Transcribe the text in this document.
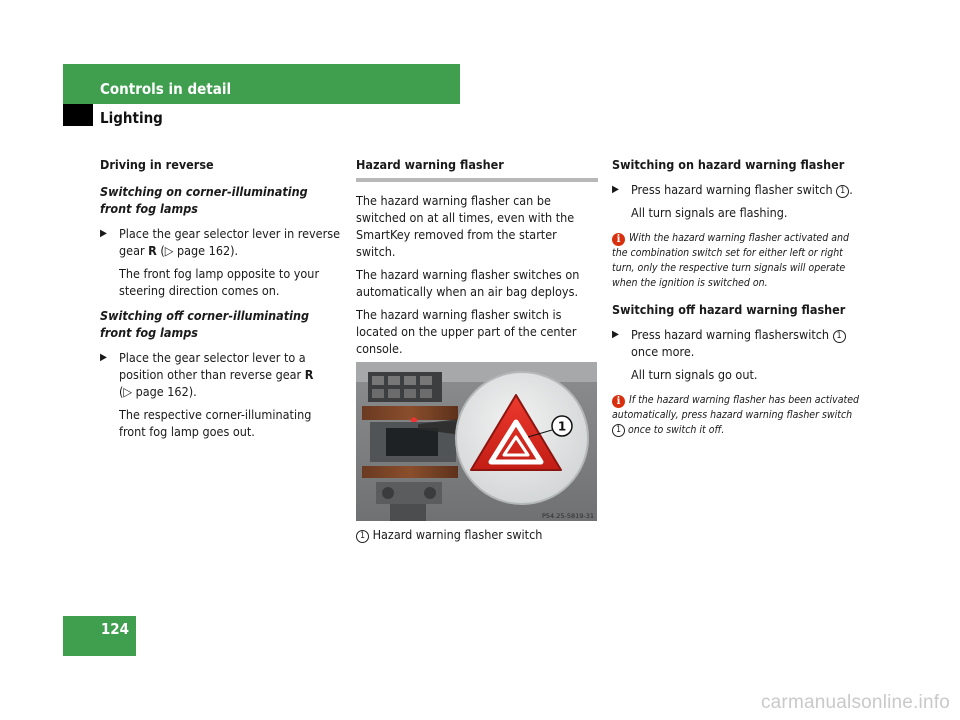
Controls in detail
Lighting

Driving in reverse

Switching on corner-illuminating front fog lamps

▶ Place the gear selector lever in reverse gear R (▷ page 162).

The front fog lamp opposite to your steering direction comes on.

Switching off corner-illuminating front fog lamps

▶ Place the gear selector lever to a position other than reverse gear R
(▷ page 162).

The respective corner-illuminating front fog lamp goes out.

Hazard warning flasher

The hazard warning flasher can be switched on at all times, even with the SmartKey removed from the starter switch.

The hazard warning flasher switches on automatically when an air bag deploys.

The hazard warning flasher switch is located on the upper part of the center console.

1
P54.25-5819-31
1 Hazard warning flasher switch

Switching on hazard warning flasher

▶ Press hazard warning flasher switch 1 .

All turn signals are flashing.

i With the hazard warning flasher activated and the combination switch set for either left or right turn, only the respective turn signals will operate when the ignition is switched on.

Switching off hazard warning flasher

▶ Press hazard warning flasherswitch 1 once more.

All turn signals go out.

i If the hazard warning flasher has been activated automatically, press hazard warning flasher switch 1 once to switch it off.

124
carmanualsonline.info
